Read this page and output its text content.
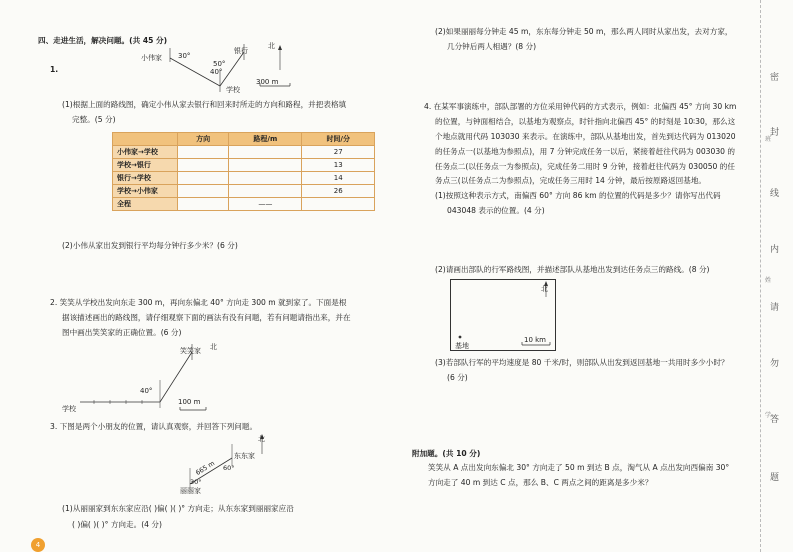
四、走进生活，解决问题。(共 45 分)
1.
小伟家 30°
50°
40°
银行
北
学校
300 m
(1)根据上面的路线图，确定小伟从家去银行和回来时所走的方向和路程，并把表格填
完整。(5 分)
	方向	路程/m	时间/分
小伟家→学校			27
学校→银行			13
银行→学校			14
学校→小伟家			26
全程		——	
(2)小伟从家出发到银行平均每分钟行多少米？(6 分)
2. 笑笑从学校出发向东走 300 m，再向东偏北 40° 方向走 300 m 就到家了。下面是根
据该描述画出的路线图，请仔细观察下面的画法有没有问题，若有问题请指出来，并在
图中画出笑笑家的正确位置。(6 分)
笑笑家 北
学校
40°
100 m
3. 下图是两个小朋友的位置，请认真观察，并回答下列问题。
北
东东家
665 m 60°
30°
丽丽家
(1)从丽丽家到东东家应沿( )偏( )( )° 方向走；从东东家到丽丽家应沿
( )偏( )( )° 方向走。(4 分)
4
(2)如果丽丽每分钟走 45 m，东东每分钟走 50 m，那么两人同时从家出发，去对方家，
几分钟后两人相遇？(8 分)
4. 在某军事演练中，部队部署的方位采用钟代码的方式表示，例如：北偏西 45° 方向 30 km
的位置，与钟面相结合，以基地为观察点，时针指向北偏西 45° 的时刻是 10∶30，那么这
个地点就用代码 103030 来表示。在演练中，部队从基地出发，首先到达代码为 013020
的任务点一(以基地为参照点)，用 7 分钟完成任务一以后，紧接着赶往代码为 003030 的
任务点二(以任务点一为参照点)，完成任务二用时 9 分钟，接着赶往代码为 030050 的任
务点三(以任务点二为参照点)，完成任务三用时 14 分钟，最后按原路返回基地。
(1)按照这种表示方式，南偏西 60° 方向 86 km 的位置的代码是多少？请你写出代码
043048 表示的位置。(4 分)
(2)请画出部队的行军路线图，并描述部队从基地出发到达任务点三的路线。(8 分)
北
基地
10 km
(3)若部队行军的平均速度是 80 千米/时，则部队从出发到返回基地一共用时多少小时？
(6 分)
附加题。(共 10 分)
笑笑从 A 点出发向东偏北 30° 方向走了 50 m 到达 B 点，淘气从 A 点出发向西偏南 30°
方向走了 40 m 到达 C 点，那么 B、C 两点之间的距离是多少米？
密
封
线
内
请
勿
答
题
班
姓
学
